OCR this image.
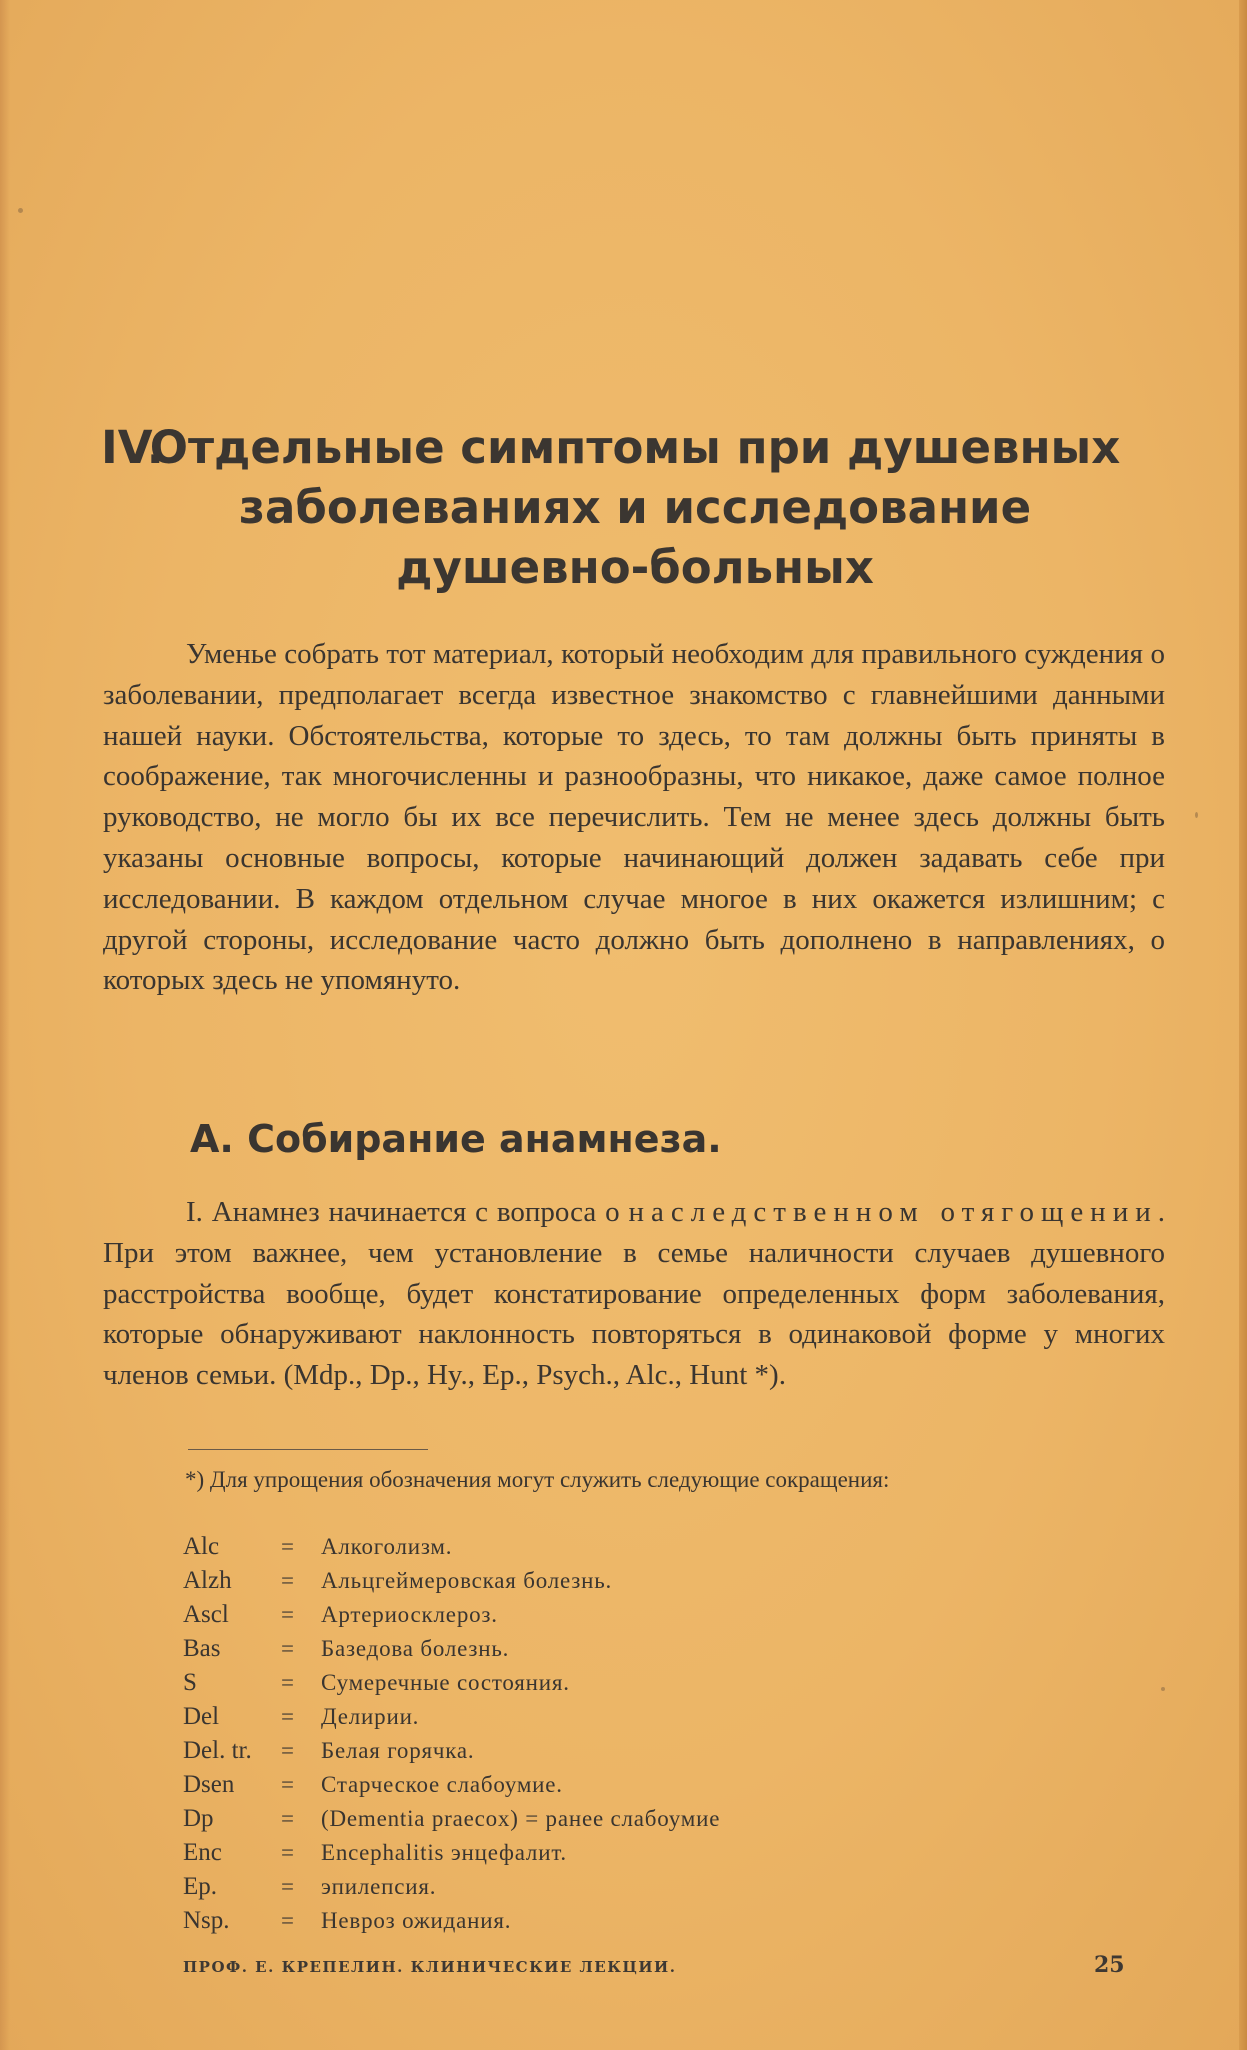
IV.
Отдельные симптомы при душевных
заболеваниях и исследование
душевно-больных

Уменье собрать тот материал, который необходим для правильного суждения о заболевании, предполагает всегда известное знакомство с главнейшими данными нашей науки. Обстоятельства, которые то здесь, то там должны быть приняты в соображение, так многочисленны и разнообразны, что никакое, даже самое полное руководство, не могло бы их все перечислить. Тем не менее здесь должны быть указаны основные вопросы, которые начинающий должен задавать себе при исследовании. В каждом отдельном случае многое в них окажется излишним; с другой стороны, исследование часто должно быть дополнено в направлениях, о которых здесь не упомянуто.

А. Собирание анамнеза.

I. Анамнез начинается с вопроса о наследственном отягощении. При этом важнее, чем установление в семье наличности случаев душевного расстройства вообще, будет констатирование определенных форм заболевания, которые обнаруживают наклонность повторяться в одинаковой форме у многих членов семьи. (Mdp., Dp., Hy., Ep., Psych., Alc., Hunt *).

*) Для упрощения обозначения могут служить следующие сокращения:

Alc	= Алкоголизм.
Alzh = Альцгеймеровская болезнь.
Ascl = Артериосклероз.
Bas	= Базедова болезнь.
S	= Сумеречные состояния.
Del	= Делирии.
Del. tr. = Белая горячка.
Dsen = Старческое слабоумие.
Dp	= (Dementia praecox) = ранее слабоумие
Enc	= Encephalitis энцефалит.
Ep.	= эпилепсия.
Nsp. = Невроз ожидания.
ПРОФ. Е. КРЕПЕЛИН. КЛИНИЧЕСКИЕ ЛЕКЦИИ.	25
